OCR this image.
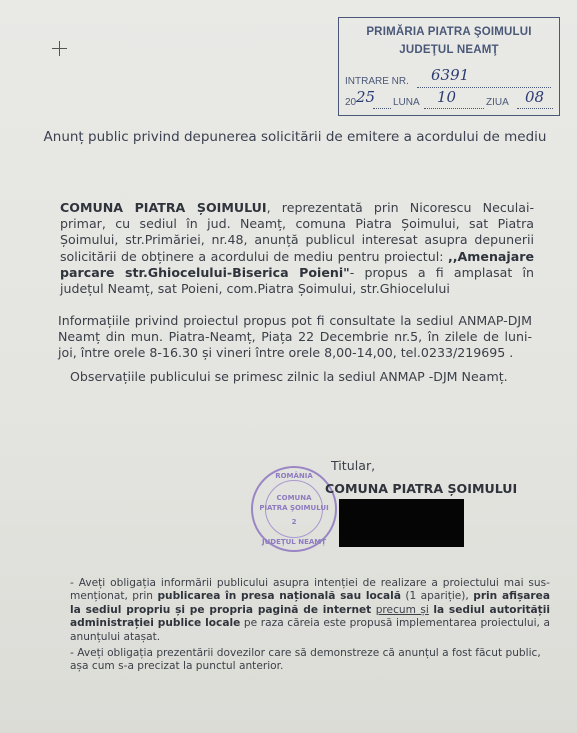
PRIMĂRIA PIATRA ŞOIMULUI
JUDEŢUL NEAMŢ
INTRARE NR. 6391
20 25 LUNA 10	ZIUA 08
Anunț public privind depunerea solicitării de emitere a acordului de mediu
COMUNA PIATRA ȘOIMULUI, reprezentată prin Nicorescu Neculai-primar, cu sediul în jud. Neamț, comuna Piatra Șoimului, sat Piatra Șoimului, str.Primăriei, nr.48, anunță publicul interesat asupra depunerii solicitării de obținere a acordului de mediu pentru proiectul: ,,Amenajare parcare str.Ghiocelului-Biserica Poieni"- propus a fi amplasat în județul Neamț, sat Poieni, com.Piatra Șoimului, str.Ghiocelului
Informațiile privind proiectul propus pot fi consultate la sediul ANMAP-DJM Neamț din mun. Piatra-Neamț, Piața 22 Decembrie nr.5, în zilele de luni-joi, între orele 8-16.30 și vineri între orele 8,00-14,00, tel.0233/219695 .
Observațiile publicului se primesc zilnic la sediul ANMAP -DJM Neamț.
Titular,
ROMÂNIA
COMUNA
PIATRA ŞOIMULUI
2
JUDEŢUL NEAMŢ
COMUNA PIATRA ȘOIMULUI
- Aveți obligația informării publicului asupra intenției de realizare a proiectului mai sus-menționat, prin publicarea în presa națională sau locală (1 apariție), prin afișarea la sediul propriu și pe propria pagină de internet precum și la sediul autorității administrației publice locale pe raza căreia este propusă implementarea proiectului, a anunțului atașat.
- Aveți obligația prezentării dovezilor care să demonstreze că anunțul a fost făcut public, așa cum s-a precizat la punctul anterior.
